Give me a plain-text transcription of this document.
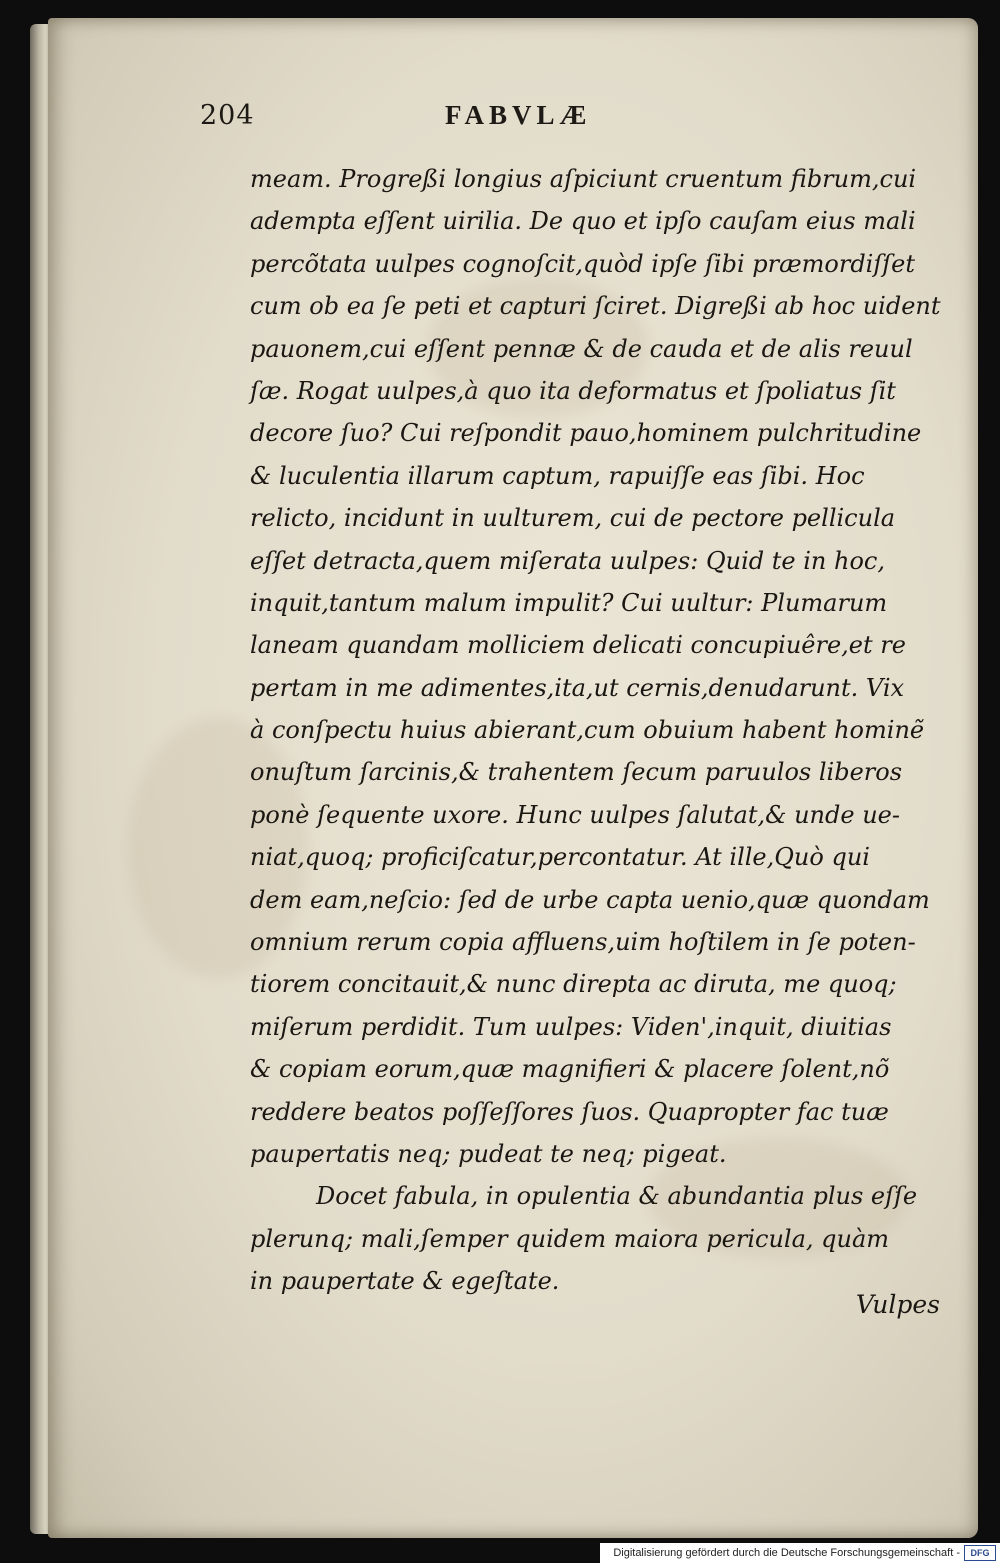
204	FABVLÆ
meam. Progreßi longius aſpiciunt cruentum fibrum,cui
adempta eſſent uirilia. De quo et ipſo cauſam eius mali
percõtata uulpes cognoſcit,quòd ipſe ſibi præmordiſſet
cum ob ea ſe peti et capturi ſciret. Digreßi ab hoc uident
pauonem,cui eſſent pennæ & de cauda et de alis reuul
ſæ. Rogat uulpes,à quo ita deformatus et ſpoliatus ſit
decore ſuo? Cui reſpondit pauo,hominem pulchritudine
& luculentia illarum captum, rapuiſſe eas ſibi. Hoc
relicto, incidunt in uulturem, cui de pectore pellicula
eſſet detracta,quem miſerata uulpes: Quid te in hoc,
inquit,tantum malum impulit? Cui uultur: Plumarum
laneam quandam molliciem delicati concupiuêre,et re
pertam in me adimentes,ita,ut cernis,denudarunt. Vix
à conſpectu huius abierant,cum obuium habent hominẽ
onuſtum ſarcinis,& trahentem ſecum paruulos liberos
ponè ſequente uxore. Hunc uulpes ſalutat,& unde ue-
niat,quoq; proficiſcatur,percontatur. At ille,Quò qui
dem eam,neſcio: ſed de urbe capta uenio,quæ quondam
omnium rerum copia affluens,uim hoſtilem in ſe poten-
tiorem concitauit,& nunc direpta ac diruta, me quoq;
miſerum perdidit. Tum uulpes: Viden',inquit, diuitias
& copiam eorum,quæ magnifieri & placere ſolent,nõ
reddere beatos poſſeſſores ſuos. Quapropter fac tuæ
paupertatis neq; pudeat te neq; pigeat.
Docet fabula, in opulentia & abundantia plus eſſe
plerunq; mali,ſemper quidem maiora pericula, quàm
in paupertate & egeſtate.
Vulpes
Digitalisierung gefördert durch die Deutsche Forschungsgemeinschaft -	DFG
